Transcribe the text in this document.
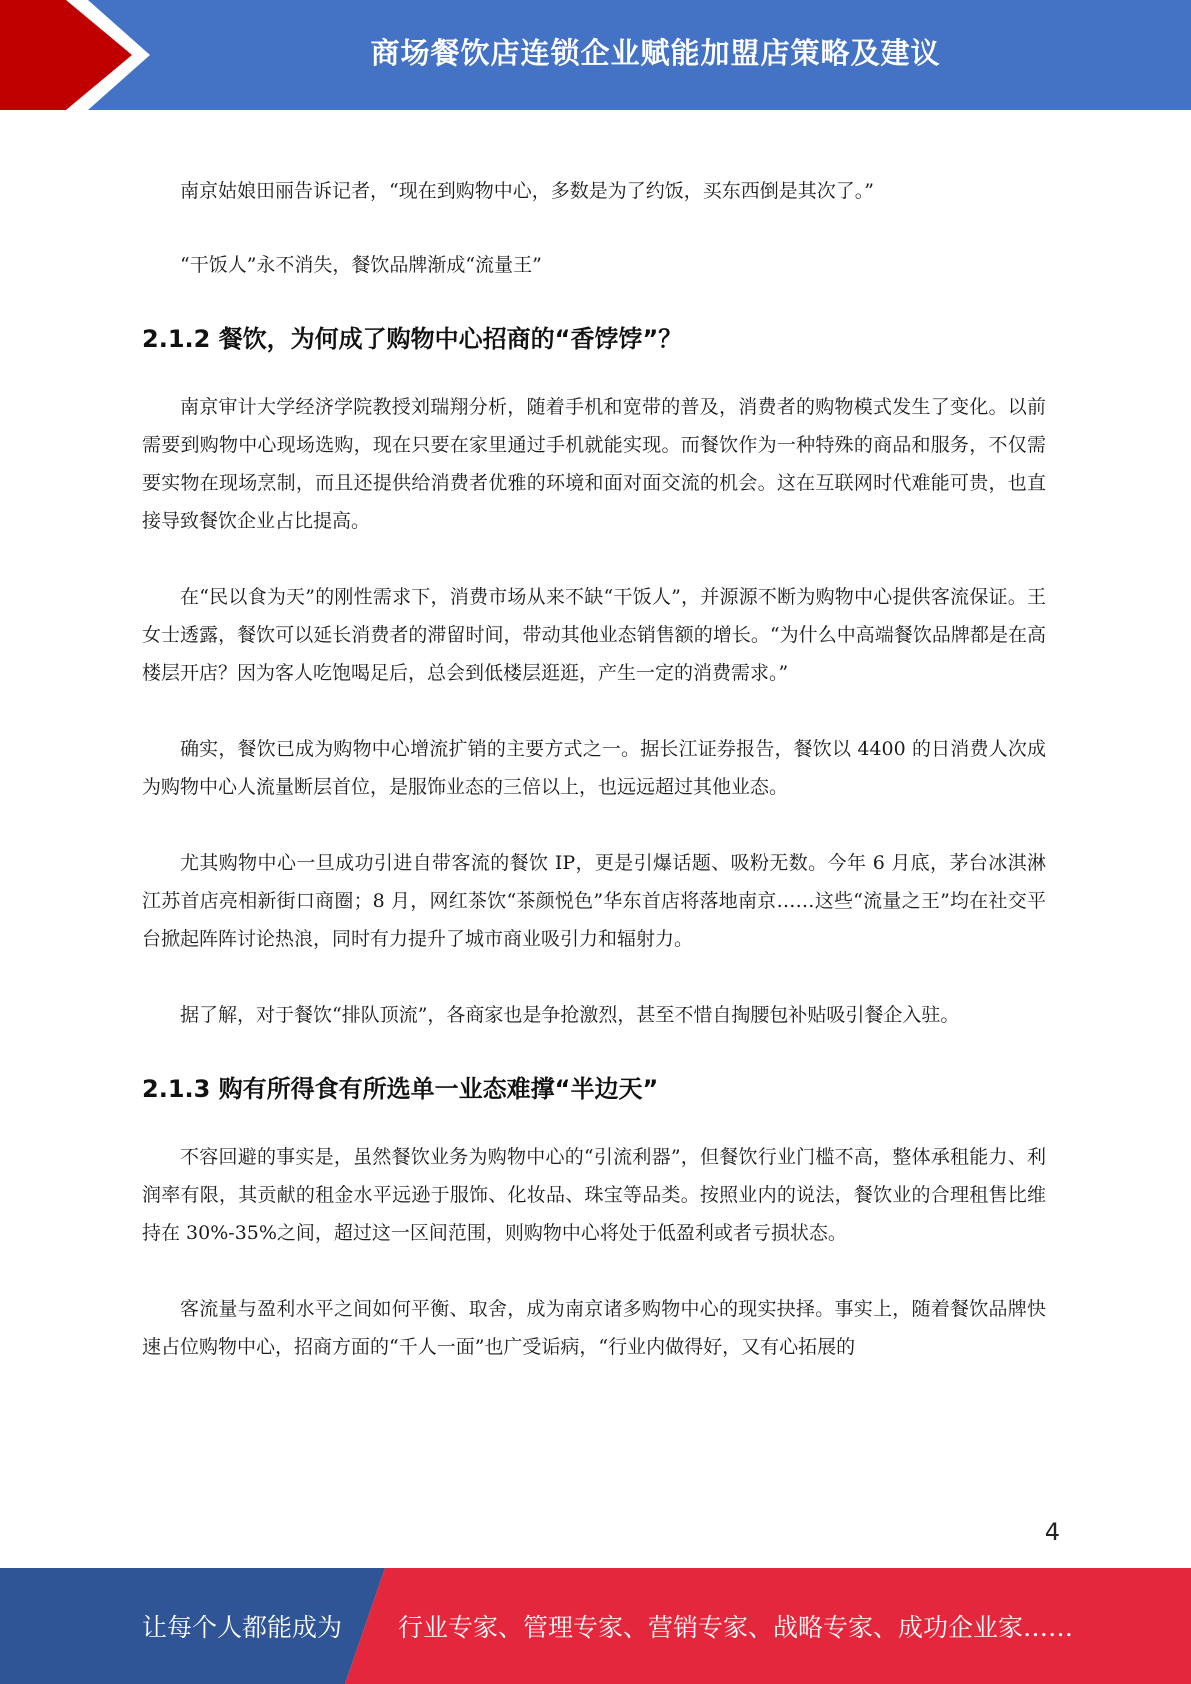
商场餐饮店连锁企业赋能加盟店策略及建议

南京姑娘田丽告诉记者，“现在到购物中心，多数是为了约饭，买东西倒是其次了。”

“干饭人”永不消失，餐饮品牌渐成“流量王”

2.1.2 餐饮，为何成了购物中心招商的“香饽饽”？

南京审计大学经济学院教授刘瑞翔分析，随着手机和宽带的普及，消费者的购物模式发生了变化。以前需要到购物中心现场选购，现在只要在家里通过手机就能实现。而餐饮作为一种特殊的商品和服务，不仅需要实物在现场烹制，而且还提供给消费者优雅的环境和面对面交流的机会。这在互联网时代难能可贵，也直接导致餐饮企业占比提高。

在“民以食为天”的刚性需求下，消费市场从来不缺“干饭人”，并源源不断为购物中心提供客流保证。王女士透露，餐饮可以延长消费者的滞留时间，带动其他业态销售额的增长。“为什么中高端餐饮品牌都是在高楼层开店？因为客人吃饱喝足后，总会到低楼层逛逛，产生一定的消费需求。”

确实，餐饮已成为购物中心增流扩销的主要方式之一。据长江证券报告，餐饮以 4400 的日消费人次成为购物中心人流量断层首位，是服饰业态的三倍以上，也远远超过其他业态。

尤其购物中心一旦成功引进自带客流的餐饮 IP，更是引爆话题、吸粉无数。今年 6 月底，茅台冰淇淋江苏首店亮相新街口商圈；8 月，网红茶饮“茶颜悦色”华东首店将落地南京……这些“流量之王”均在社交平台掀起阵阵讨论热浪，同时有力提升了城市商业吸引力和辐射力。

据了解，对于餐饮“排队顶流”，各商家也是争抢激烈，甚至不惜自掏腰包补贴吸引餐企入驻。

2.1.3 购有所得食有所选单一业态难撑“半边天”

不容回避的事实是，虽然餐饮业务为购物中心的“引流利器”，但餐饮行业门槛不高，整体承租能力、利润率有限，其贡献的租金水平远逊于服饰、化妆品、珠宝等品类。按照业内的说法，餐饮业的合理租售比维持在 30%-35%之间，超过这一区间范围，则购物中心将处于低盈利或者亏损状态。

客流量与盈利水平之间如何平衡、取舍，成为南京诸多购物中心的现实抉择。事实上，随着餐饮品牌快速占位购物中心，招商方面的“千人一面”也广受诟病，“行业内做得好，又有心拓展的

4
让每个人都能成为 行业专家、管理专家、营销专家、战略专家、成功企业家……
